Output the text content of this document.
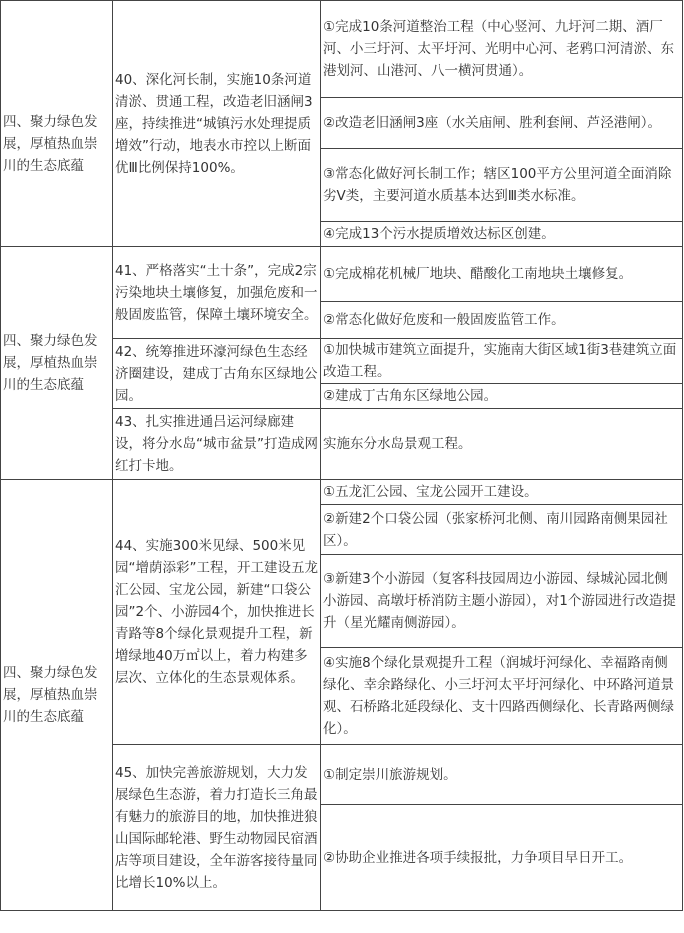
四、聚力绿色发展，厚植热血崇川的生态底蕴	40、深化河长制，实施10条河道清淤、贯通工程，改造老旧涵闸3座，持续推进“城镇污水处理提质增效”行动，地表水市控以上断面优Ⅲ比例保持100%。	①完成10条河道整治工程（中心竖河、九圩河二期、酒厂河、小三圩河、太平圩河、光明中心河、老鸦口河清淤、东港划河、山港河、八一横河贯通）。
		②改造老旧涵闸3座（水关庙闸、胜利套闸、芦泾港闸）。
		③常态化做好河长制工作；辖区100平方公里河道全面消除劣V类，主要河道水质基本达到Ⅲ类水标准。
		④完成13个污水提质增效达标区创建。
四、聚力绿色发展，厚植热血崇川的生态底蕴	41、严格落实“土十条”，完成2宗污染地块土壤修复，加强危废和一般固废监管，保障土壤环境安全。	①完成棉花机械厂地块、醋酸化工南地块土壤修复。
		②常态化做好危废和一般固废监管工作。
	42、统筹推进环濠河绿色生态经济圈建设，建成丁古角东区绿地公园。	①加快城市建筑立面提升，实施南大街区域1街3巷建筑立面改造工程。
		②建成丁古角东区绿地公园。
	43、扎实推进通吕运河绿廊建设，将分水岛“城市盆景”打造成网红打卡地。	实施东分水岛景观工程。
四、聚力绿色发展，厚植热血崇川的生态底蕴	44、实施300米见绿、500米见园“增荫添彩”工程，开工建设五龙汇公园、宝龙公园，新建“口袋公园”2个、小游园4个，加快推进长青路等8个绿化景观提升工程，新增绿地40万㎡以上，着力构建多层次、立体化的生态景观体系。	①五龙汇公园、宝龙公园开工建设。
		②新建2个口袋公园（张家桥河北侧、南川园路南侧果园社区）。
		③新建3个小游园（复客科技园周边小游园、绿城沁园北侧小游园、高墩圩桥消防主题小游园），对1个游园进行改造提升（星光耀南侧游园）。
		④实施8个绿化景观提升工程（润城圩河绿化、幸福路南侧绿化、幸余路绿化、小三圩河太平圩河绿化、中环路河道景观、石桥路北延段绿化、支十四路西侧绿化、长青路两侧绿化）。
	45、加快完善旅游规划，大力发展绿色生态游，着力打造长三角最有魅力的旅游目的地，加快推进狼山国际邮轮港、野生动物园民宿酒店等项目建设，全年游客接待量同比增长10%以上。	①制定崇川旅游规划。
		②协助企业推进各项手续报批，力争项目早日开工。
